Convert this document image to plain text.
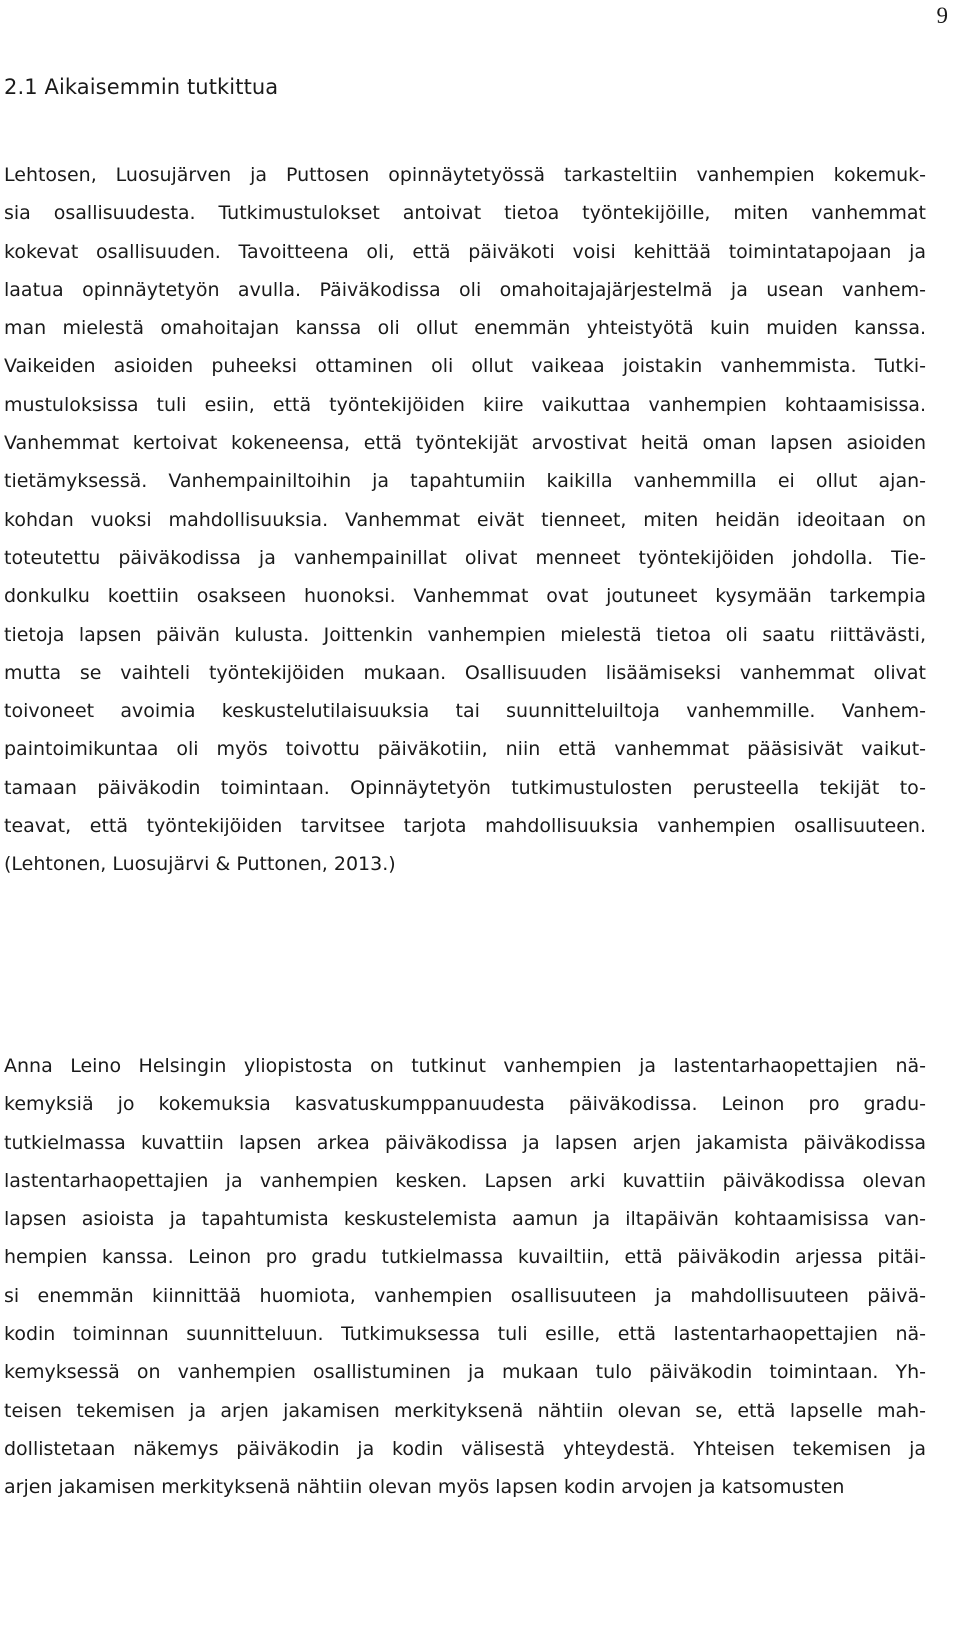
9
2.1 Aikaisemmin tutkittua

Lehtosen, Luosujärven ja Puttosen opinnäytetyössä tarkasteltiin vanhempien kokemuk-
sia osallisuudesta. Tutkimustulokset antoivat tietoa työntekijöille, miten vanhemmat
kokevat osallisuuden. Tavoitteena oli, että päiväkoti voisi kehittää toimintatapojaan ja
laatua opinnäytetyön avulla. Päiväkodissa oli omahoitajajärjestelmä ja usean vanhem-
man mielestä omahoitajan kanssa oli ollut enemmän yhteistyötä kuin muiden kanssa.
Vaikeiden asioiden puheeksi ottaminen oli ollut vaikeaa joistakin vanhemmista. Tutki-
mustuloksissa tuli esiin, että työntekijöiden kiire vaikuttaa vanhempien kohtaamisissa.
Vanhemmat kertoivat kokeneensa, että työntekijät arvostivat heitä oman lapsen asioiden
tietämyksessä. Vanhempainiltoihin ja tapahtumiin kaikilla vanhemmilla ei ollut ajan-
kohdan vuoksi mahdollisuuksia. Vanhemmat eivät tienneet, miten heidän ideoitaan on
toteutettu päiväkodissa ja vanhempainillat olivat menneet työntekijöiden johdolla. Tie-
donkulku koettiin osakseen huonoksi. Vanhemmat ovat joutuneet kysymään tarkempia
tietoja lapsen päivän kulusta. Joittenkin vanhempien mielestä tietoa oli saatu riittävästi,
mutta se vaihteli työntekijöiden mukaan. Osallisuuden lisäämiseksi vanhemmat olivat
toivoneet avoimia keskustelutilaisuuksia tai suunnitteluiltoja vanhemmille. Vanhem-
paintoimikuntaa oli myös toivottu päiväkotiin, niin että vanhemmat pääsisivät vaikut-
tamaan päiväkodin toimintaan. Opinnäytetyön tutkimustulosten perusteella tekijät to-
teavat, että työntekijöiden tarvitsee tarjota mahdollisuuksia vanhempien osallisuuteen.
(Lehtonen, Luosujärvi & Puttonen, 2013.)

Anna Leino Helsingin yliopistosta on tutkinut vanhempien ja lastentarhaopettajien nä-
kemyksiä jo kokemuksia kasvatuskumppanuudesta päiväkodissa. Leinon pro gradu-
tutkielmassa kuvattiin lapsen arkea päiväkodissa ja lapsen arjen jakamista päiväkodissa
lastentarhaopettajien ja vanhempien kesken. Lapsen arki kuvattiin päiväkodissa olevan
lapsen asioista ja tapahtumista keskustelemista aamun ja iltapäivän kohtaamisissa van-
hempien kanssa. Leinon pro gradu tutkielmassa kuvailtiin, että päiväkodin arjessa pitäi-
si enemmän kiinnittää huomiota, vanhempien osallisuuteen ja mahdollisuuteen päivä-
kodin toiminnan suunnitteluun. Tutkimuksessa tuli esille, että lastentarhaopettajien nä-
kemyksessä on vanhempien osallistuminen ja mukaan tulo päiväkodin toimintaan. Yh-
teisen tekemisen ja arjen jakamisen merkityksenä nähtiin olevan se, että lapselle mah-
dollistetaan näkemys päiväkodin ja kodin välisestä yhteydestä. Yhteisen tekemisen ja
arjen jakamisen merkityksenä nähtiin olevan myös lapsen kodin arvojen ja katsomusten
